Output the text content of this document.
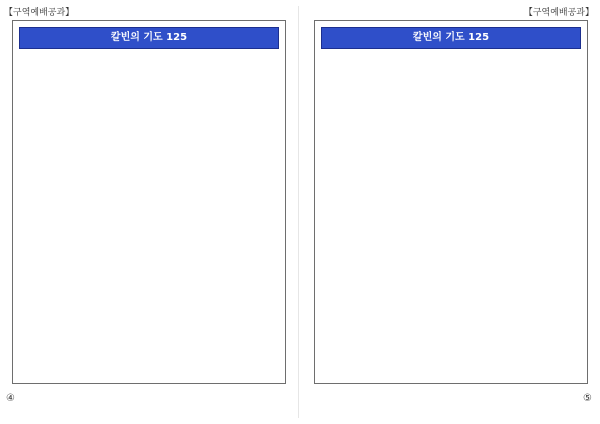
【구역예배공과】
칼빈의 기도 125
④
【구역예배공과】
칼빈의 기도 125
⑤
